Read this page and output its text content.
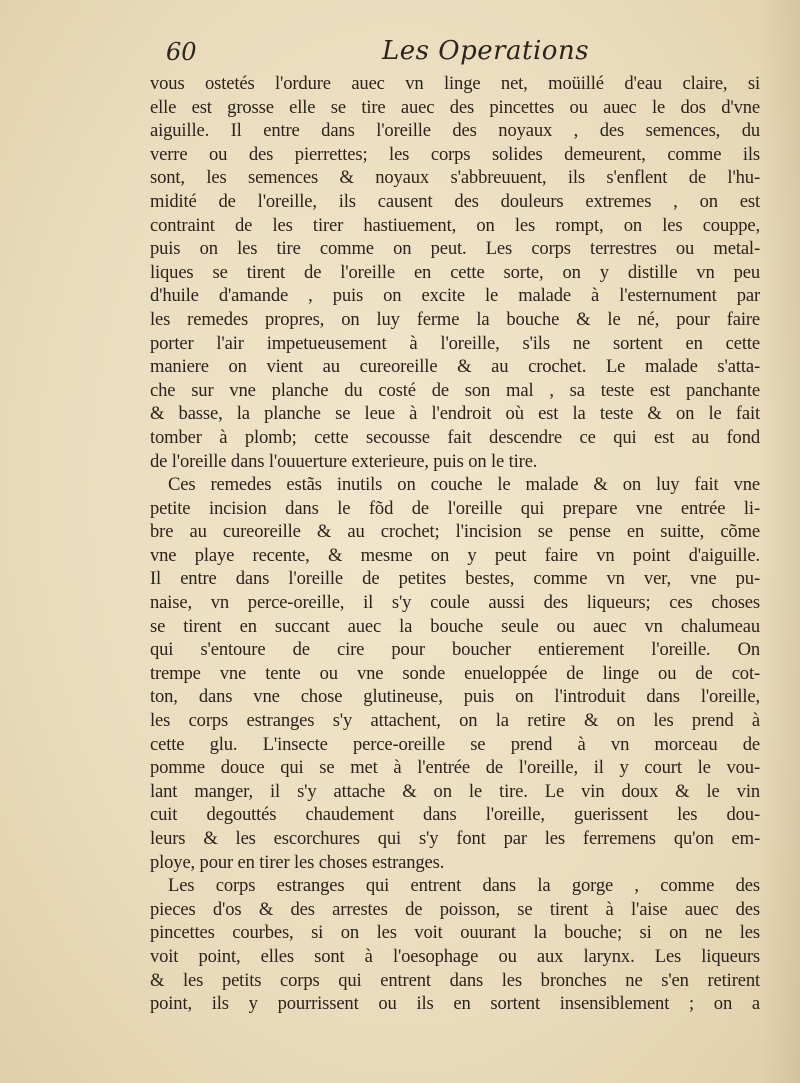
60	Les Operations
vous ostetés l'ordure auec vn linge net, moüillé d'eau claire, si
elle est grosse elle se tire auec des pincettes ou auec le dos d'vne
aiguille. Il entre dans l'oreille des noyaux , des semences, du
verre ou des pierrettes; les corps solides demeurent, comme ils
sont, les semences & noyaux s'abbreuuent, ils s'enflent de l'hu-
midité de l'oreille, ils causent des douleurs extremes , on est
contraint de les tirer hastiuement, on les rompt, on les couppe,
puis on les tire comme on peut. Les corps terrestres ou metal-
liques se tirent de l'oreille en cette sorte, on y distille vn peu
d'huile d'amande , puis on excite le malade à l'esternument par
les remedes propres, on luy ferme la bouche & le né, pour faire
porter l'air impetueusement à l'oreille, s'ils ne sortent en cette
maniere on vient au cureoreille & au crochet. Le malade s'atta-
che sur vne planche du costé de son mal , sa teste est panchante
& basse, la planche se leue à l'endroit où est la teste & on le fait
tomber à plomb; cette secousse fait descendre ce qui est au fond
de l'oreille dans l'ouuerture exterieure, puis on le tire.
Ces remedes estãs inutils on couche le malade & on luy fait vne
petite incision dans le fõd de l'oreille qui prepare vne entrée li-
bre au cureoreille & au crochet; l'incision se pense en suitte, cõme
vne playe recente, & mesme on y peut faire vn point d'aiguille.
Il entre dans l'oreille de petites bestes, comme vn ver, vne pu-
naise, vn perce-oreille, il s'y coule aussi des liqueurs; ces choses
se tirent en succant auec la bouche seule ou auec vn chalumeau
qui s'entoure de cire pour boucher entierement l'oreille. On
trempe vne tente ou vne sonde enueloppée de linge ou de cot-
ton, dans vne chose glutineuse, puis on l'introduit dans l'oreille,
les corps estranges s'y attachent, on la retire & on les prend à
cette glu. L'insecte perce-oreille se prend à vn morceau de
pomme douce qui se met à l'entrée de l'oreille, il y court le vou-
lant manger, il s'y attache & on le tire. Le vin doux & le vin
cuit degouttés chaudement dans l'oreille, guerissent les dou-
leurs & les escorchures qui s'y font par les ferremens qu'on em-
ploye, pour en tirer les choses estranges.
Les corps estranges qui entrent dans la gorge , comme des
pieces d'os & des arrestes de poisson, se tirent à l'aise auec des
pincettes courbes, si on les voit ouurant la bouche; si on ne les
voit point, elles sont à l'oesophage ou aux larynx. Les liqueurs
& les petits corps qui entrent dans les bronches ne s'en retirent
point, ils y pourrissent ou ils en sortent insensiblement ; on a
